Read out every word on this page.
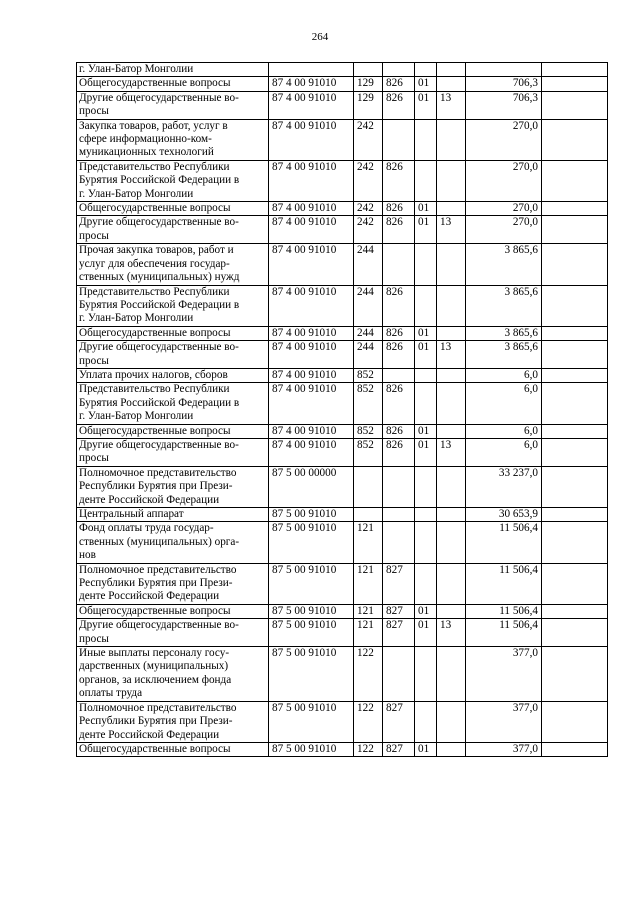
264
г. Улан-Батор Монголии							
Общегосударственные вопросы	87 4 00 91010	129	826	01		706,3	
Другие общегосударственные во-
просы	87 4 00 91010	129	826	01	13	706,3	
Закупка товаров, работ, услуг в
сфере информационно-ком-
муникационных технологий	87 4 00 91010	242				270,0	
Представительство Республики
Бурятия Российской Федерации в
г. Улан-Батор Монголии	87 4 00 91010	242	826			270,0	
Общегосударственные вопросы	87 4 00 91010	242	826	01		270,0	
Другие общегосударственные во-
просы	87 4 00 91010	242	826	01	13	270,0	
Прочая закупка товаров, работ и
услуг для обеспечения государ-
ственных (муниципальных) нужд	87 4 00 91010	244				3 865,6	
Представительство Республики
Бурятия Российской Федерации в
г. Улан-Батор Монголии	87 4 00 91010	244	826			3 865,6	
Общегосударственные вопросы	87 4 00 91010	244	826	01		3 865,6	
Другие общегосударственные во-
просы	87 4 00 91010	244	826	01	13	3 865,6	
Уплата прочих налогов, сборов	87 4 00 91010	852				6,0	
Представительство Республики
Бурятия Российской Федерации в
г. Улан-Батор Монголии	87 4 00 91010	852	826			6,0	
Общегосударственные вопросы	87 4 00 91010	852	826	01		6,0	
Другие общегосударственные во-
просы	87 4 00 91010	852	826	01	13	6,0	
Полномочное представительство
Республики Бурятия при Прези-
денте Российской Федерации	87 5 00 00000					33 237,0	
Центральный аппарат	87 5 00 91010					30 653,9	
Фонд оплаты труда государ-
ственных (муниципальных) орга-
нов	87 5 00 91010	121				11 506,4	
Полномочное представительство
Республики Бурятия при Прези-
денте Российской Федерации	87 5 00 91010	121	827			11 506,4	
Общегосударственные вопросы	87 5 00 91010	121	827	01		11 506,4	
Другие общегосударственные во-
просы	87 5 00 91010	121	827	01	13	11 506,4	
Иные выплаты персоналу госу-
дарственных (муниципальных)
органов, за исключением фонда
оплаты труда	87 5 00 91010	122				377,0	
Полномочное представительство
Республики Бурятия при Прези-
денте Российской Федерации	87 5 00 91010	122	827			377,0	
Общегосударственные вопросы	87 5 00 91010	122	827	01		377,0	
